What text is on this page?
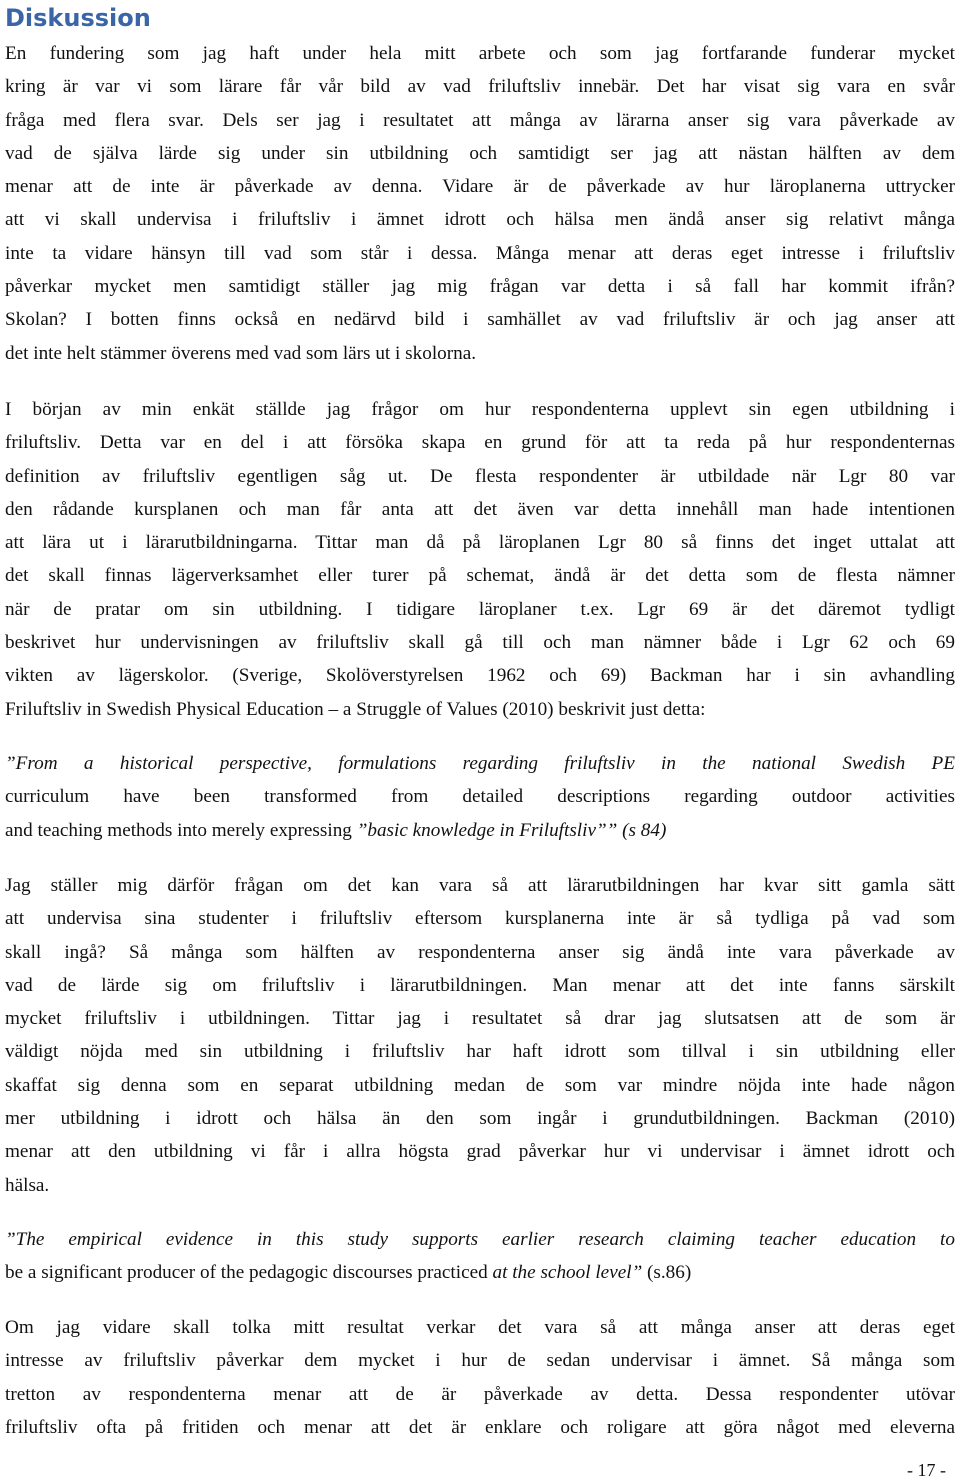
Diskussion
En fundering som jag haft under hela mitt arbete och som jag fortfarande funderar mycket
kring är var vi som lärare får vår bild av vad friluftsliv innebär. Det har visat sig vara en svår
fråga med flera svar. Dels ser jag i resultatet att många av lärarna anser sig vara påverkade av
vad de själva lärde sig under sin utbildning och samtidigt ser jag att nästan hälften av dem
menar att de inte är påverkade av denna. Vidare är de påverkade av hur läroplanerna uttrycker
att vi skall undervisa i friluftsliv i ämnet idrott och hälsa men ändå anser sig relativt många
inte ta vidare hänsyn till vad som står i dessa. Många menar att deras eget intresse i friluftsliv
påverkar mycket men samtidigt ställer jag mig frågan var detta i så fall har kommit ifrån?
Skolan? I botten finns också en nedärvd bild i samhället av vad friluftsliv är och jag anser att
det inte helt stämmer överens med vad som lärs ut i skolorna.
I början av min enkät ställde jag frågor om hur respondenterna upplevt sin egen utbildning i
friluftsliv. Detta var en del i att försöka skapa en grund för att ta reda på hur respondenternas
definition av friluftsliv egentligen såg ut. De flesta respondenter är utbildade när Lgr 80 var
den rådande kursplanen och man får anta att det även var detta innehåll man hade intentionen
att lära ut i lärarutbildningarna. Tittar man då på läroplanen Lgr 80 så finns det inget uttalat att
det skall finnas lägerverksamhet eller turer på schemat, ändå är det detta som de flesta nämner
när de pratar om sin utbildning. I tidigare läroplaner t.ex. Lgr 69 är det däremot tydligt
beskrivet hur undervisningen av friluftsliv skall gå till och man nämner både i Lgr 62 och 69
vikten av lägerskolor. (Sverige, Skolöverstyrelsen 1962 och 69) Backman har i sin avhandling
Friluftsliv in Swedish Physical Education – a Struggle of Values (2010) beskrivit just detta:
”From a historical perspective, formulations regarding friluftsliv in the national Swedish PE
curriculum have been transformed from detailed descriptions regarding outdoor activities
and teaching methods into merely expressing ”basic knowledge in Friluftsliv”” (s 84)
Jag ställer mig därför frågan om det kan vara så att lärarutbildningen har kvar sitt gamla sätt
att undervisa sina studenter i friluftsliv eftersom kursplanerna inte är så tydliga på vad som
skall ingå? Så många som hälften av respondenterna anser sig ändå inte vara påverkade av
vad de lärde sig om friluftsliv i lärarutbildningen. Man menar att det inte fanns särskilt
mycket friluftsliv i utbildningen. Tittar jag i resultatet så drar jag slutsatsen att de som är
väldigt nöjda med sin utbildning i friluftsliv har haft idrott som tillval i sin utbildning eller
skaffat sig denna som en separat utbildning medan de som var mindre nöjda inte hade någon
mer utbildning i idrott och hälsa än den som ingår i grundutbildningen. Backman (2010)
menar att den utbildning vi får i allra högsta grad påverkar hur vi undervisar i ämnet idrott och
hälsa.
”The empirical evidence in this study supports earlier research claiming teacher education to
be a significant producer of the pedagogic discourses practiced at the school level” (s.86)
Om jag vidare skall tolka mitt resultat verkar det vara så att många anser att deras eget
intresse av friluftsliv påverkar dem mycket i hur de sedan undervisar i ämnet. Så många som
tretton av respondenterna menar att de är påverkade av detta. Dessa respondenter utövar
friluftsliv ofta på fritiden och menar att det är enklare och roligare att göra något med eleverna
- 17 -
